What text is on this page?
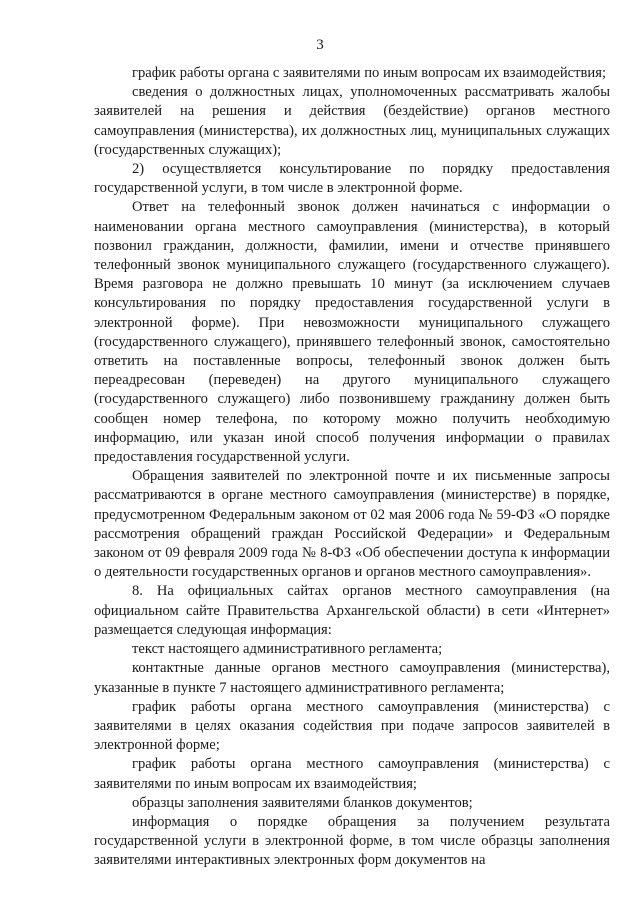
3

график работы органа с заявителями по иным вопросам их взаимодействия;

сведения о должностных лицах, уполномоченных рассматривать жалобы заявителей на решения и действия (бездействие) органов местного самоуправления (министерства), их должностных лиц, муниципальных служащих (государственных служащих);

2) осуществляется консультирование по порядку предоставления государственной услуги, в том числе в электронной форме.

Ответ на телефонный звонок должен начинаться с информации о наименовании органа местного самоуправления (министерства), в который позвонил гражданин, должности, фамилии, имени и отчестве принявшего телефонный звонок муниципального служащего (государственного служащего). Время разговора не должно превышать 10 минут (за исключением случаев консультирования по порядку предоставления государственной услуги в электронной форме). При невозможности муниципального служащего (государственного служащего), принявшего телефонный звонок, самостоятельно ответить на поставленные вопросы, телефонный звонок должен быть переадресован (переведен) на другого муниципального служащего (государственного служащего) либо позвонившему гражданину должен быть сообщен номер телефона, по которому можно получить необходимую информацию, или указан иной способ получения информации о правилах предоставления государственной услуги.

Обращения заявителей по электронной почте и их письменные запросы рассматриваются в органе местного самоуправления (министерстве) в порядке, предусмотренном Федеральным законом от 02 мая 2006 года № 59-ФЗ «О порядке рассмотрения обращений граждан Российской Федерации» и Федеральным законом от 09 февраля 2009 года № 8-ФЗ «Об обеспечении доступа к информации о деятельности государственных органов и органов местного самоуправления».

8. На официальных сайтах органов местного самоуправления (на официальном сайте Правительства Архангельской области) в сети «Интернет» размещается следующая информация:

текст настоящего административного регламента;

контактные данные органов местного самоуправления (министерства), указанные в пункте 7 настоящего административного регламента;

график работы органа местного самоуправления (министерства) с заявителями в целях оказания содействия при подаче запросов заявителей в электронной форме;

график работы органа местного самоуправления (министерства) с заявителями по иным вопросам их взаимодействия;

образцы заполнения заявителями бланков документов;

информация о порядке обращения за получением результата государственной услуги в электронной форме, в том числе образцы заполнения заявителями интерактивных электронных форм документов на
